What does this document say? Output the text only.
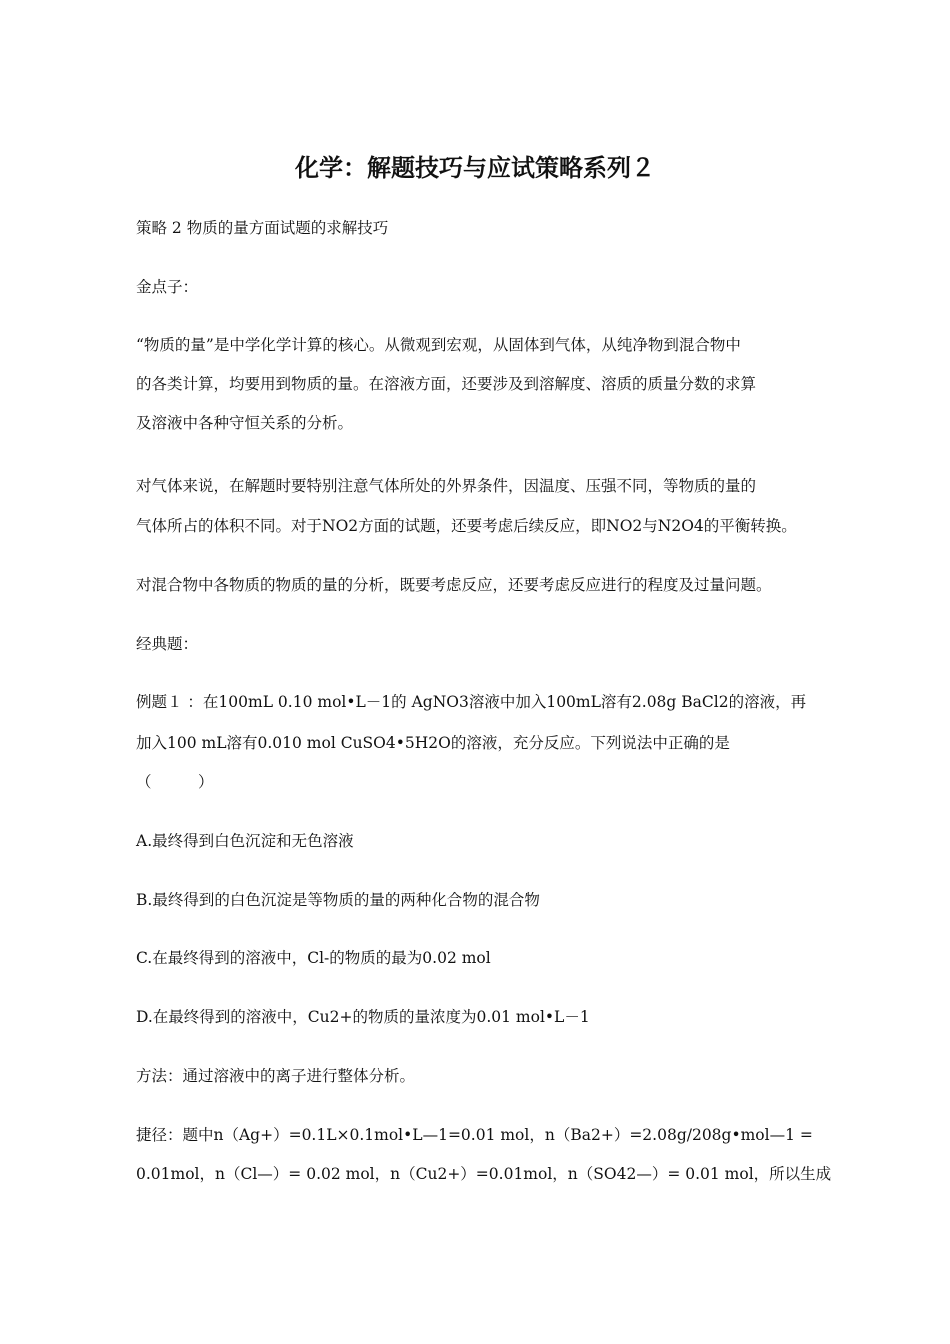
化学：解题技巧与应试策略系列２

策略 2 物质的量方面试题的求解技巧

金点子：

“物质的量”是中学化学计算的核心。从微观到宏观，从固体到气体，从纯净物到混合物中

的各类计算，均要用到物质的量。在溶液方面，还要涉及到溶解度、溶质的质量分数的求算

及溶液中各种守恒关系的分析。

对气体来说，在解题时要特别注意气体所处的外界条件，因温度、压强不同，等物质的量的

气体所占的体积不同。对于NO2方面的试题，还要考虑后续反应，即NO2与N2O4的平衡转换。

对混合物中各物质的物质的量的分析，既要考虑反应，还要考虑反应进行的程度及过量问题。

经典题：

例题１ ：在100mL 0.10 mol•L－1的 AgNO3溶液中加入100mL溶有2.08g BaCl2的溶液，再

加入100 mL溶有0.010 mol CuSO4•5H2O的溶液，充分反应。下列说法中正确的是

（　　　）

A.最终得到白色沉淀和无色溶液

B.最终得到的白色沉淀是等物质的量的两种化合物的混合物

C.在最终得到的溶液中，Cl-的物质的最为0.02 mol

D.在最终得到的溶液中，Cu2+的物质的量浓度为0.01 mol•L－1

方法：通过溶液中的离子进行整体分析。

捷径：题中n（Ag+）=0.1L×0.1mol•L—1=0.01 mol，n（Ba2+）=2.08g/208g•mol—1 =

0.01mol，n（Cl—）= 0.02 mol，n（Cu2+）=0.01mol，n（SO42—）= 0.01 mol，所以生成
